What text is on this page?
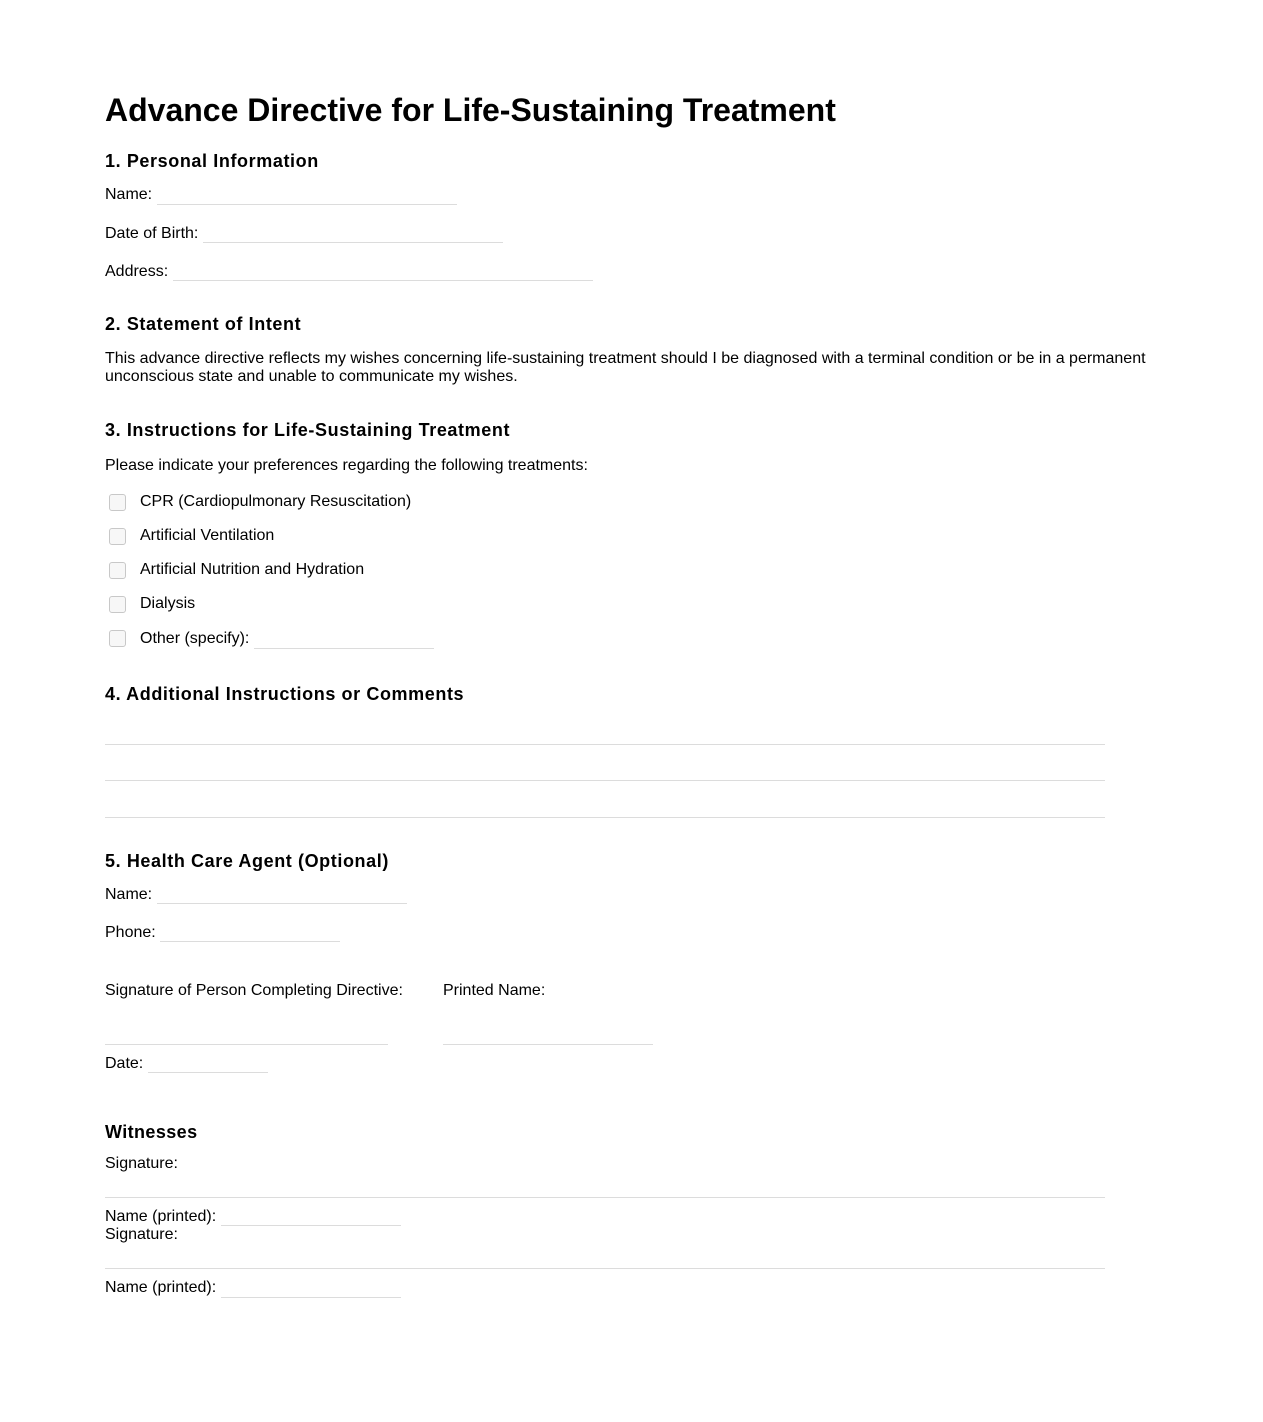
Advance Directive for Life-Sustaining Treatment
1. Personal Information
Name:
Date of Birth:
Address:
2. Statement of Intent
This advance directive reflects my wishes concerning life-sustaining treatment should I be diagnosed with a terminal condition or be in a permanent unconscious state and unable to communicate my wishes.
3. Instructions for Life-Sustaining Treatment
Please indicate your preferences regarding the following treatments:
CPR (Cardiopulmonary Resuscitation)
Artificial Ventilation
Artificial Nutrition and Hydration
Dialysis
Other (specify):
4. Additional Instructions or Comments
5. Health Care Agent (Optional)
Name:
Phone:
Signature of Person Completing Directive:	Printed Name:
Date:
Witnesses
Signature:
Name (printed):
Signature:
Name (printed):
